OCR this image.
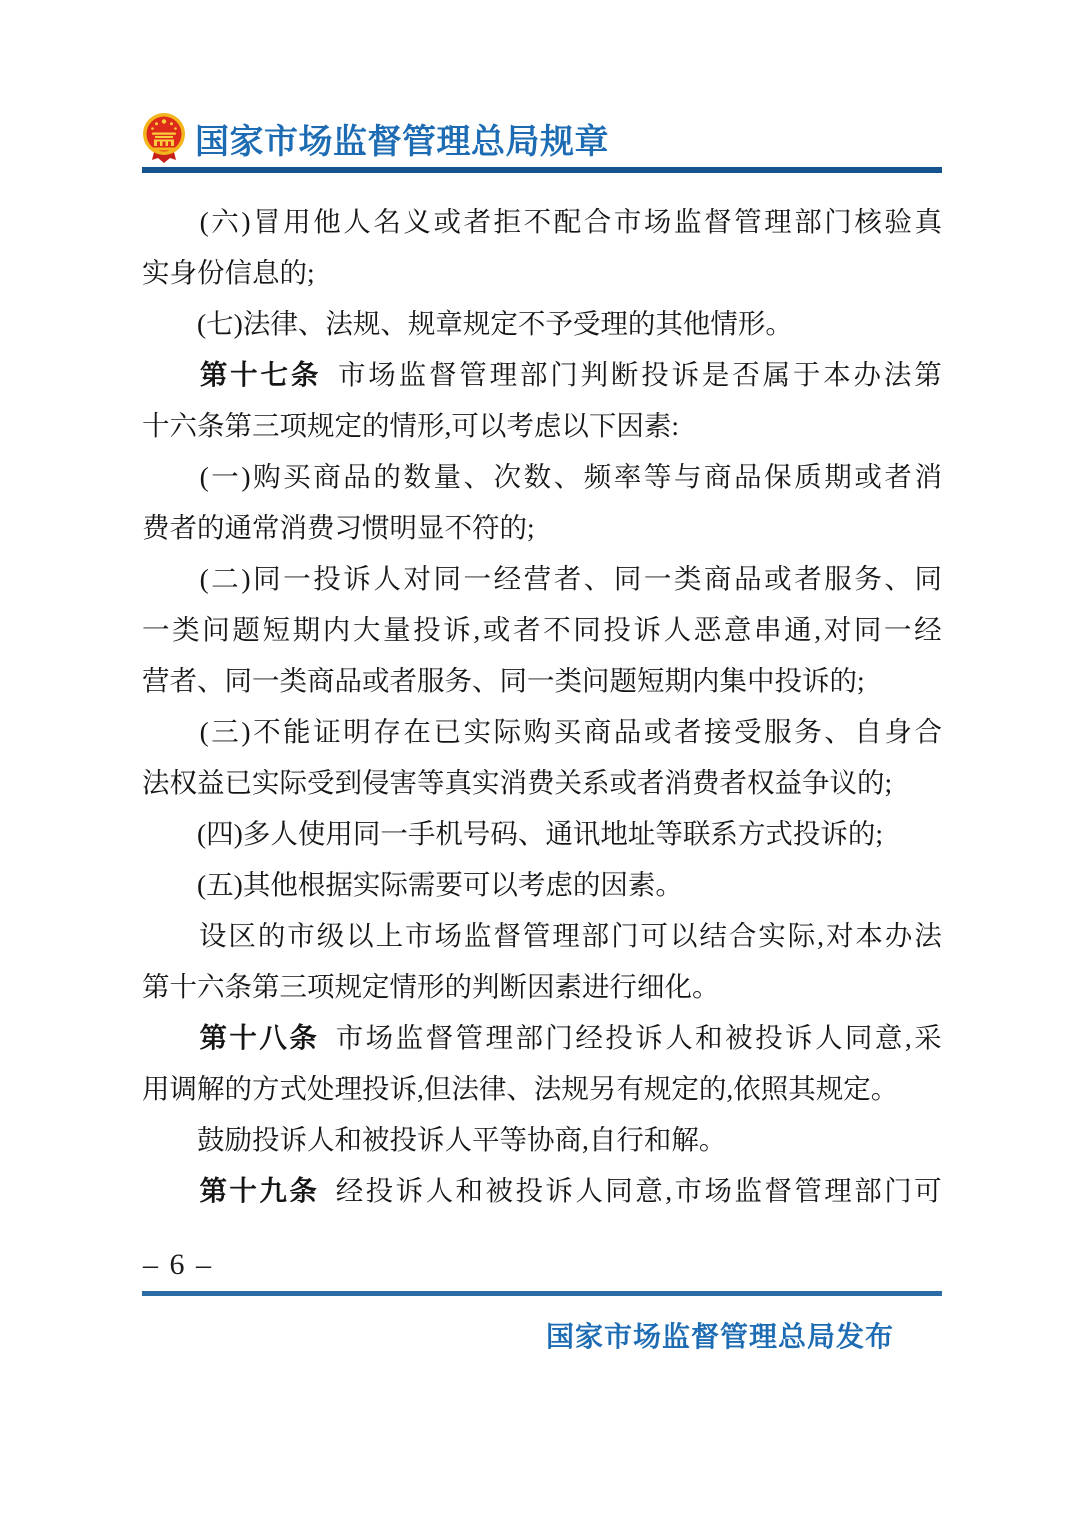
国家市场监督管理总局规章
( 六 ) 冒 用 他 人 名 义 或 者 拒 不 配 合 市 场 监 督 管 理 部 门 核 验 真
实身份信息的;
(七)法律、法规、规章规定不予受理的其他情形。
第 十 七 条 市 场 监 督 管 理 部 门 判 断 投 诉 是 否 属 于 本 办 法 第
十六条第三项规定的情形,可以考虑以下因素:
( 一 ) 购 买 商 品 的 数 量 、 次 数 、 频 率 等 与 商 品 保 质 期 或 者 消
费者的通常消费习惯明显不符的;
( 二 ) 同 一 投 诉 人 对 同 一 经 营 者 、 同 一 类 商 品 或 者 服 务 、 同
一 类 问 题 短 期 内 大 量 投 诉 , 或 者 不 同 投 诉 人 恶 意 串 通 , 对 同 一 经
营者、同一类商品或者服务、同一类问题短期内集中投诉的;
( 三 ) 不 能 证 明 存 在 已 实 际 购 买 商 品 或 者 接 受 服 务 、 自 身 合
法权益已实际受到侵害等真实消费关系或者消费者权益争议的;
(四)多人使用同一手机号码、通讯地址等联系方式投诉的;
(五)其他根据实际需要可以考虑的因素。
设 区 的 市 级 以 上 市 场 监 督 管 理 部 门 可 以 结 合 实 际 , 对 本 办 法
第十六条第三项规定情形的判断因素进行细化。
第 十 八 条 市 场 监 督 管 理 部 门 经 投 诉 人 和 被 投 诉 人 同 意 , 采
用调解的方式处理投诉,但法律、法规另有规定的,依照其规定。
鼓励投诉人和被投诉人平等协商,自行和解。
第 十 九 条 经 投 诉 人 和 被 投 诉 人 同 意 , 市 场 监 督 管 理 部 门 可
– 6 –
国家市场监督管理总局发布
